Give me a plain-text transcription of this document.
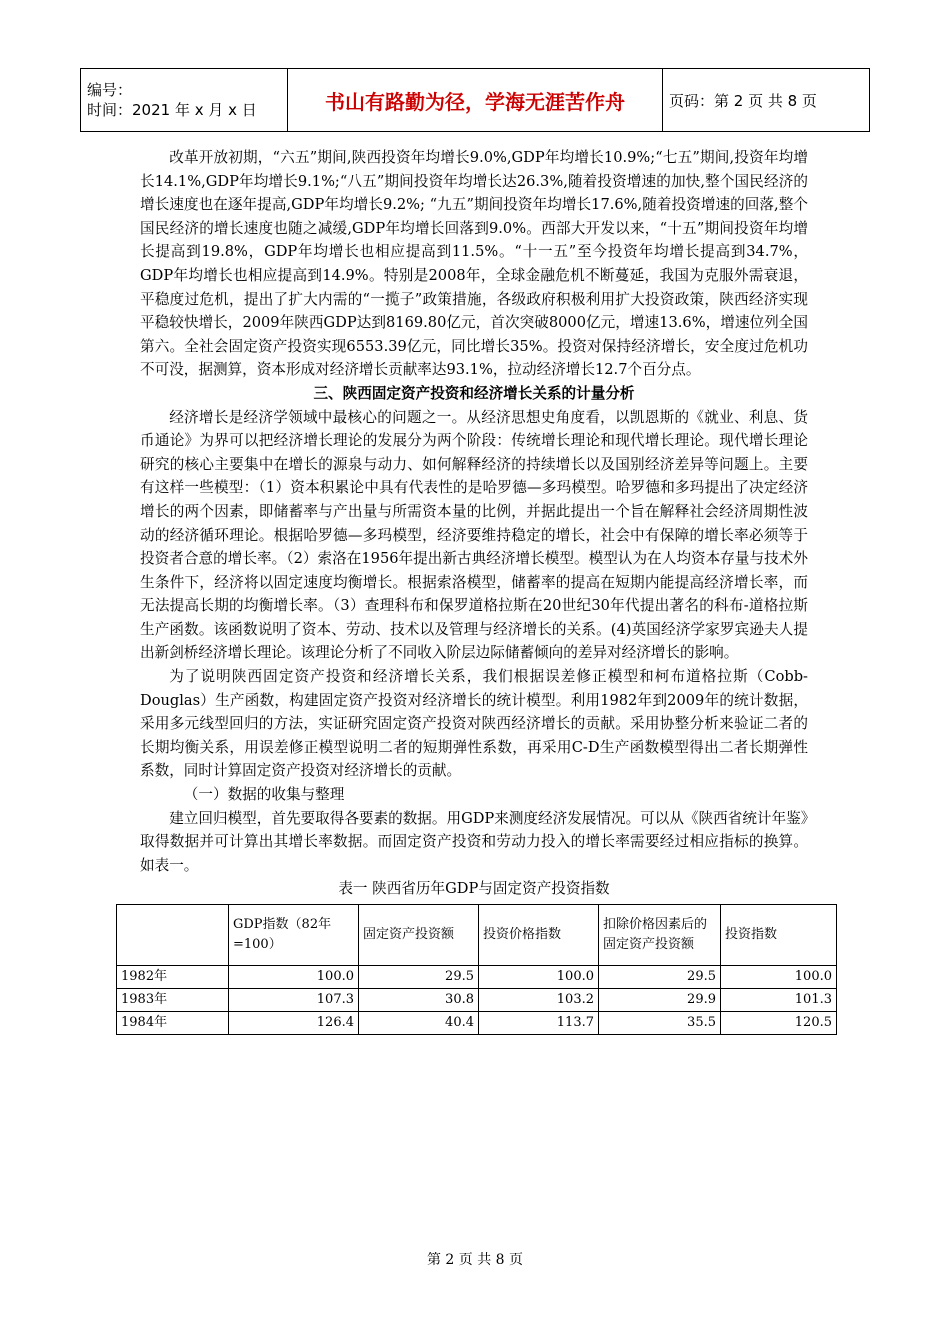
编号：
时间：2021 年 x 月 x 日	书山有路勤为径，学海无涯苦作舟	页码：第 2 页 共 8 页

改革开放初期，“六五”期间,陕西投资年均增长9.0%,GDP年均增长10.9%;“七五”期间,投资年均增长14.1%,GDP年均增长9.1%;“八五”期间投资年均增长达26.3%,随着投资增速的加快,整个国民经济的增长速度也在逐年提高,GDP年均增长9.2%; “九五”期间投资年均增长17.6%,随着投资增速的回落,整个国民经济的增长速度也随之减缓,GDP年均增长回落到9.0%。西部大开发以来，“十五”期间投资年均增长提高到19.8%，GDP年均增长也相应提高到11.5%。“十一五”至今投资年均增长提高到34.7%，GDP年均增长也相应提高到14.9%。特别是2008年，全球金融危机不断蔓延，我国为克服外需衰退，平稳度过危机，提出了扩大内需的“一揽子”政策措施，各级政府积极利用扩大投资政策，陕西经济实现平稳较快增长，2009年陕西GDP达到8169.80亿元，首次突破8000亿元，增速13.6%，增速位列全国第六。全社会固定资产投资实现6553.39亿元，同比增长35%。投资对保持经济增长，安全度过危机功不可没，据测算，资本形成对经济增长贡献率达93.1%，拉动经济增长12.7个百分点。

三、陕西固定资产投资和经济增长关系的计量分析

经济增长是经济学领域中最核心的问题之一。从经济思想史角度看，以凯恩斯的《就业、利息、货币通论》为界可以把经济增长理论的发展分为两个阶段：传统增长理论和现代增长理论。现代增长理论研究的核心主要集中在增长的源泉与动力、如何解释经济的持续增长以及国别经济差异等问题上。主要有这样一些模型：（1）资本积累论中具有代表性的是哈罗德—多玛模型。哈罗德和多玛提出了决定经济增长的两个因素，即储蓄率与产出量与所需资本量的比例，并据此提出一个旨在解释社会经济周期性波动的经济循环理论。根据哈罗德—多玛模型，经济要维持稳定的增长，社会中有保障的增长率必须等于投资者合意的增长率。（2）索洛在1956年提出新古典经济增长模型。模型认为在人均资本存量与技术外生条件下，经济将以固定速度均衡增长。根据索洛模型，储蓄率的提高在短期内能提高经济增长率，而无法提高长期的均衡增长率。（3）查理科布和保罗道格拉斯在20世纪30年代提出著名的科布-道格拉斯生产函数。该函数说明了资本、劳动、技术以及管理与经济增长的关系。(4)英国经济学家罗宾逊夫人提出新剑桥经济增长理论。该理论分析了不同收入阶层边际储蓄倾向的差异对经济增长的影响。

为了说明陕西固定资产投资和经济增长关系，我们根据误差修正模型和柯布道格拉斯（Cobb-Douglas）生产函数，构建固定资产投资对经济增长的统计模型。利用1982年到2009年的统计数据，采用多元线型回归的方法，实证研究固定资产投资对陕西经济增长的贡献。采用协整分析来验证二者的长期均衡关系，用误差修正模型说明二者的短期弹性系数，再采用C-D生产函数模型得出二者长期弹性系数，同时计算固定资产投资对经济增长的贡献。

（一）数据的收集与整理

建立回归模型，首先要取得各要素的数据。用GDP来测度经济发展情况。可以从《陕西省统计年鉴》取得数据并可计算出其增长率数据。而固定资产投资和劳动力投入的增长率需要经过相应指标的换算。如表一。

表一 陕西省历年GDP与固定资产投资指数

	GDP指数（82年=100）	固定资产投资额	投资价格指数	扣除价格因素后的固定资产投资额	投资指数
1982年	100.0	29.5	100.0	29.5	100.0
1983年	107.3	30.8	103.2	29.9	101.3
1984年	126.4	40.4	113.7	35.5	120.5
第 2 页 共 8 页
